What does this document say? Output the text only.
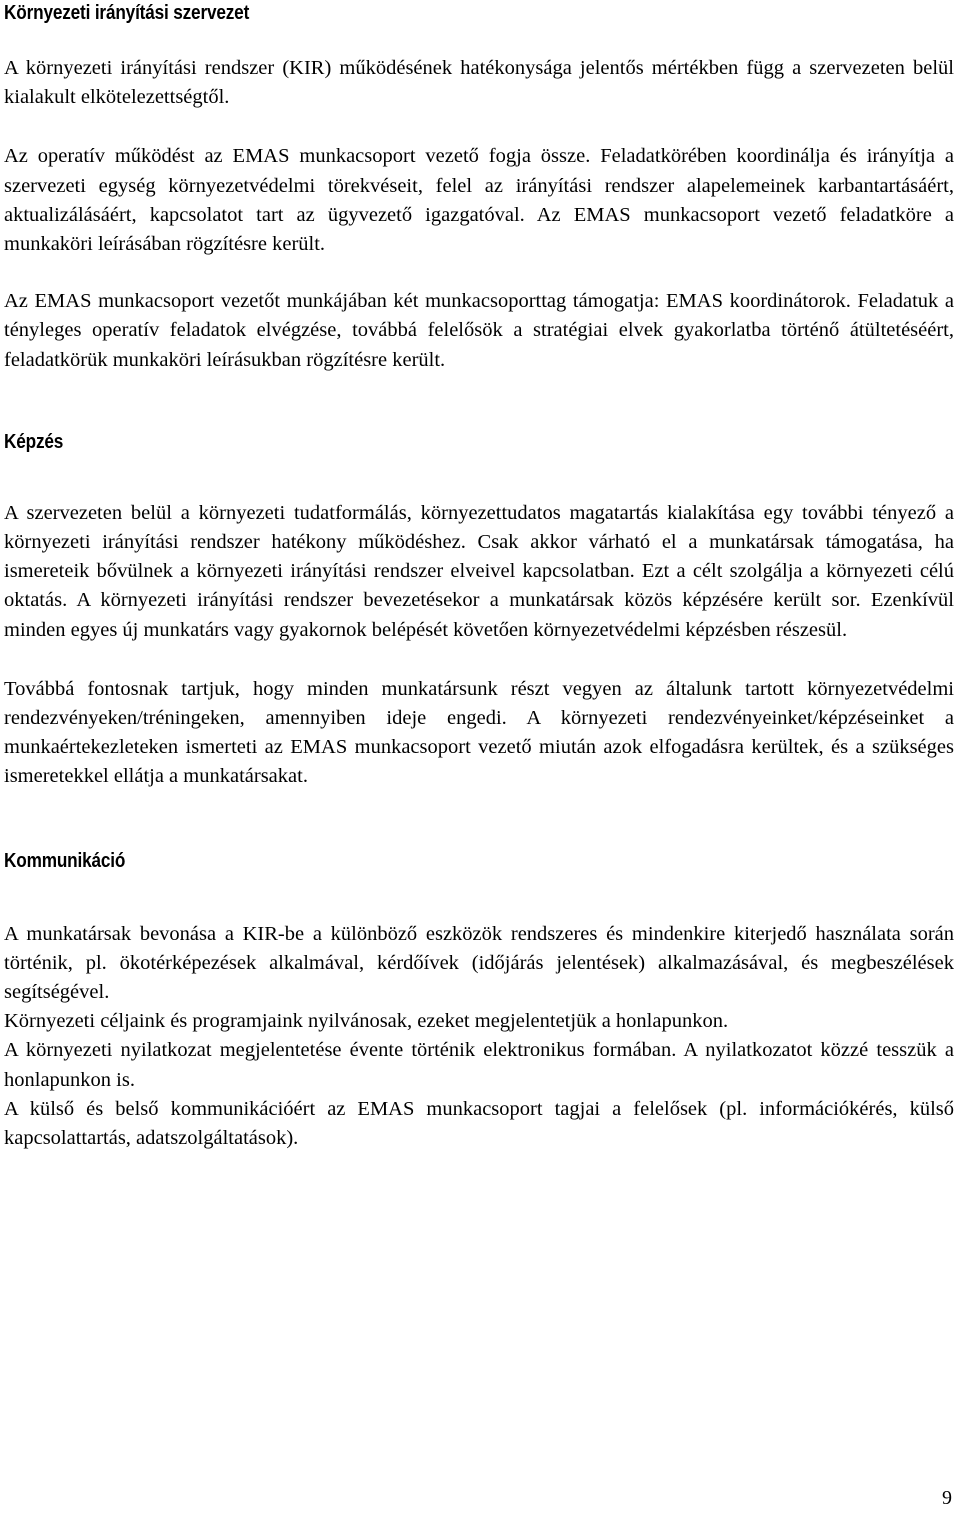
Környezeti irányítási szervezet

A környezeti irányítási rendszer (KIR) működésének hatékonysága jelentős mértékben függ a szervezeten belül kialakult elkötelezettségtől.

Az operatív működést az EMAS munkacsoport vezető fogja össze. Feladatkörében koordinálja és irányítja a szervezeti egység környezetvédelmi törekvéseit, felel az irányítási rendszer alapelemeinek karbantartásáért, aktualizálásáért, kapcsolatot tart az ügyvezető igazgatóval. Az EMAS munkacsoport vezető feladatköre a munkaköri leírásában rögzítésre került.

Az EMAS munkacsoport vezetőt munkájában két munkacsoporttag támogatja: EMAS koordinátorok. Feladatuk a tényleges operatív feladatok elvégzése, továbbá felelősök a stratégiai elvek gyakorlatba történő átültetéséért, feladatkörük munkaköri leírásukban rögzítésre került.

Képzés

A szervezeten belül a környezeti tudatformálás, környezettudatos magatartás kialakítása egy további tényező a környezeti irányítási rendszer hatékony működéshez. Csak akkor várható el a munkatársak támogatása, ha ismereteik bővülnek a környezeti irányítási rendszer elveivel kapcsolatban. Ezt a célt szolgálja a környezeti célú oktatás. A környezeti irányítási rendszer bevezetésekor a munkatársak közös képzésére került sor. Ezenkívül minden egyes új munkatárs vagy gyakornok belépését követően környezetvédelmi képzésben részesül.

Továbbá fontosnak tartjuk, hogy minden munkatársunk részt vegyen az általunk tartott környezetvédelmi rendezvényeken/tréningeken, amennyiben ideje engedi. A környezeti rendezvényeinket/képzéseinket a munkaértekezleteken ismerteti az EMAS munkacsoport vezető miután azok elfogadásra kerültek, és a szükséges ismeretekkel ellátja a munkatársakat.

Kommunikáció

A munkatársak bevonása a KIR-be a különböző eszközök rendszeres és mindenkire kiterjedő használata során történik, pl. ökotérképezések alkalmával, kérdőívek (időjárás jelentések) alkalmazásával, és megbeszélések segítségével.

Környezeti céljaink és programjaink nyilvánosak, ezeket megjelentetjük a honlapunkon.

A környezeti nyilatkozat megjelentetése évente történik elektronikus formában. A nyilatkozatot közzé tesszük a honlapunkon is.

A külső és belső kommunikációért az EMAS munkacsoport tagjai a felelősek (pl. információkérés, külső kapcsolattartás, adatszolgáltatások).

9
